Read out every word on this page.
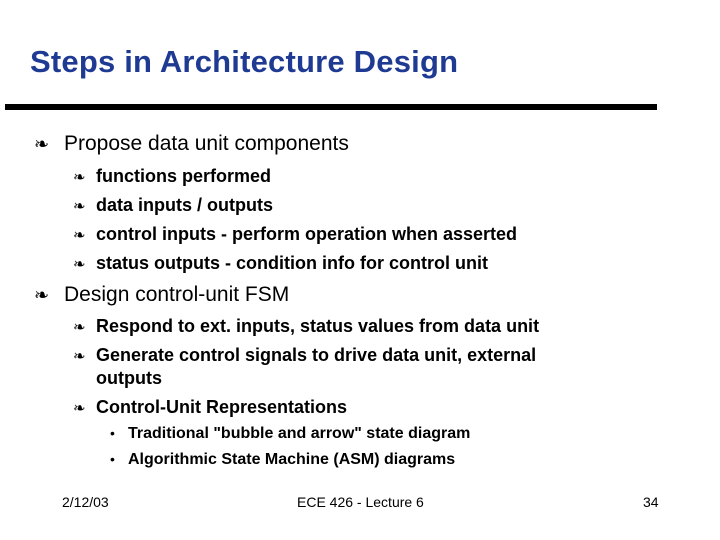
Steps in Architecture Design
❧ Propose data unit components
❧ functions performed
❧ data inputs / outputs
❧ control inputs - perform operation when asserted
❧ status outputs - condition info for control unit
❧ Design control-unit FSM
❧ Respond to ext. inputs, status values from data unit
❧ Generate control signals to drive data unit, external outputs
❧ Control-Unit Representations
• Traditional "bubble and arrow" state diagram
• Algorithmic State Machine (ASM) diagrams
2/12/03	ECE 426 - Lecture 6	34
